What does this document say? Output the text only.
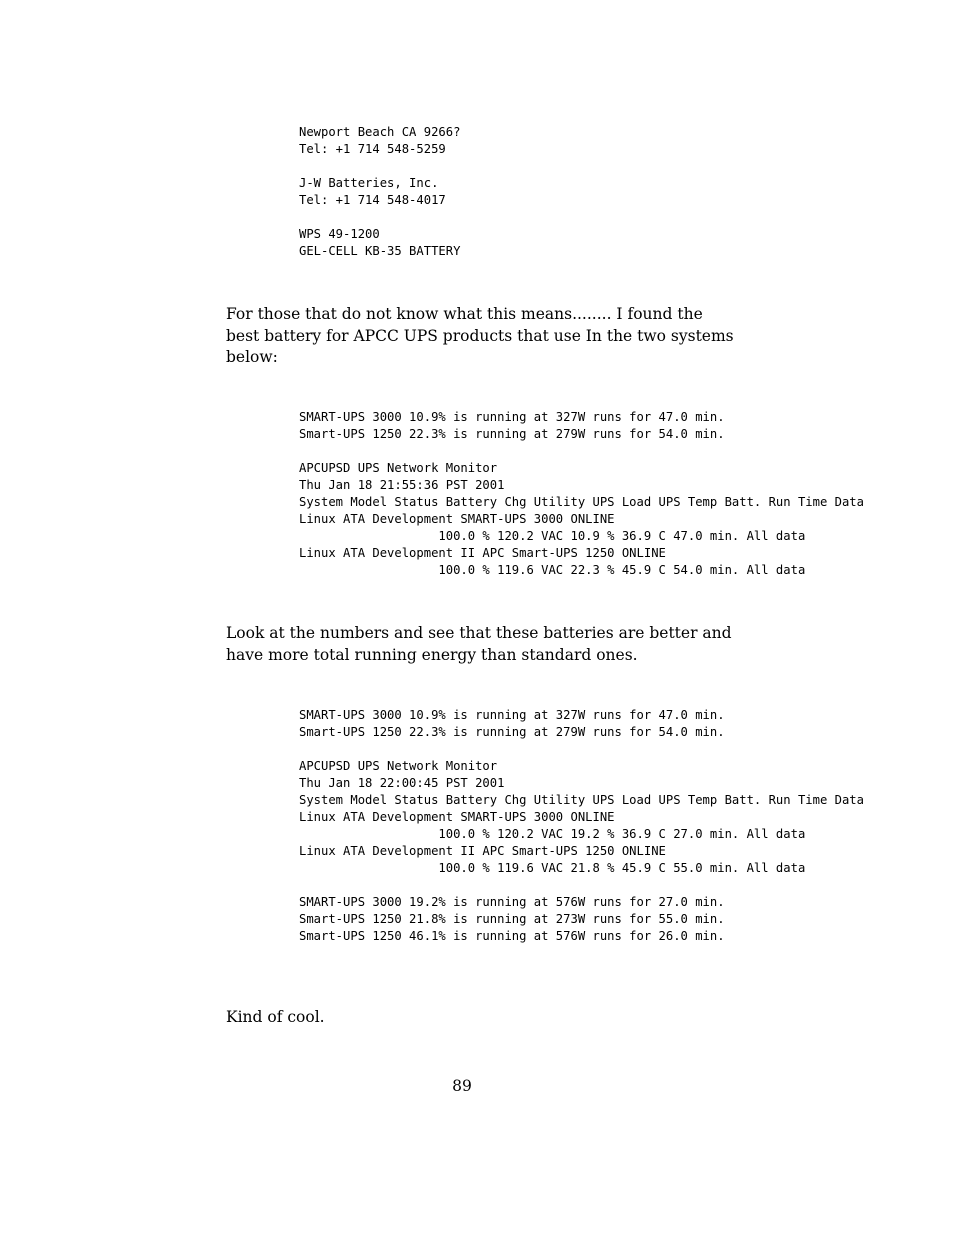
Newport Beach CA 9266?
Tel: +1 714 548-5259

J-W Batteries, Inc.
Tel: +1 714 548-4017

WPS 49-1200
GEL-CELL KB-35 BATTERY

For those that do not know what this means........ I found the
best battery for APCC UPS products that use In the two systems
below:

SMART-UPS 3000 10.9% is running at 327W runs for 47.0 min.
Smart-UPS 1250 22.3% is running at 279W runs for 54.0 min.

APCUPSD UPS Network Monitor
Thu Jan 18 21:55:36 PST 2001
System Model Status Battery Chg Utility UPS Load UPS Temp Batt. Run Time Data
Linux ATA Development SMART-UPS 3000 ONLINE
100.0 % 120.2 VAC 10.9 % 36.9 C 47.0 min. All data
Linux ATA Development II APC Smart-UPS 1250 ONLINE
100.0 % 119.6 VAC 22.3 % 45.9 C 54.0 min. All data

Look at the numbers and see that these batteries are better and
have more total running energy than standard ones.

SMART-UPS 3000 10.9% is running at 327W runs for 47.0 min.
Smart-UPS 1250 22.3% is running at 279W runs for 54.0 min.

APCUPSD UPS Network Monitor
Thu Jan 18 22:00:45 PST 2001
System Model Status Battery Chg Utility UPS Load UPS Temp Batt. Run Time Data
Linux ATA Development SMART-UPS 3000 ONLINE
100.0 % 120.2 VAC 19.2 % 36.9 C 27.0 min. All data
Linux ATA Development II APC Smart-UPS 1250 ONLINE
100.0 % 119.6 VAC 21.8 % 45.9 C 55.0 min. All data

SMART-UPS 3000 19.2% is running at 576W runs for 27.0 min.
Smart-UPS 1250 21.8% is running at 273W runs for 55.0 min.
Smart-UPS 1250 46.1% is running at 576W runs for 26.0 min.

Kind of cool.

89
